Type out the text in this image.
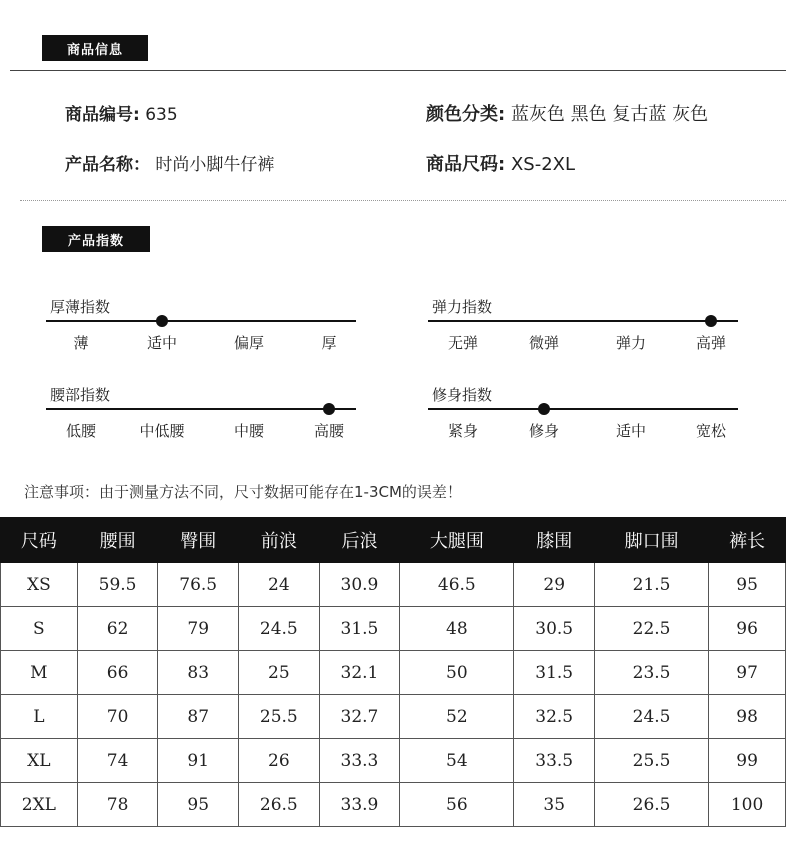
商品信息
商品编号: 635
产品名称： 时尚小脚牛仔裤
颜色分类: 蓝灰色 黑色 复古蓝 灰色
商品尺码: XS-2XL
产品指数
厚薄指数
薄	适中	偏厚	厚
弹力指数
无弹	微弹	弹力	高弹
腰部指数
低腰	中低腰	中腰	高腰
修身指数
紧身	修身	适中	宽松
注意事项：由于测量方法不同，尺寸数据可能存在1-3CM的误差！
尺码	腰围	臀围	前浪	后浪	大腿围	膝围	脚口围	裤长
XS	59.5	76.5	24	30.9	46.5	29	21.5	95
S	62	79	24.5	31.5	48	30.5	22.5	96
M	66	83	25	32.1	50	31.5	23.5	97
L	70	87	25.5	32.7	52	32.5	24.5	98
XL	74	91	26	33.3	54	33.5	25.5	99
2XL	78	95	26.5	33.9	56	35	26.5	100
